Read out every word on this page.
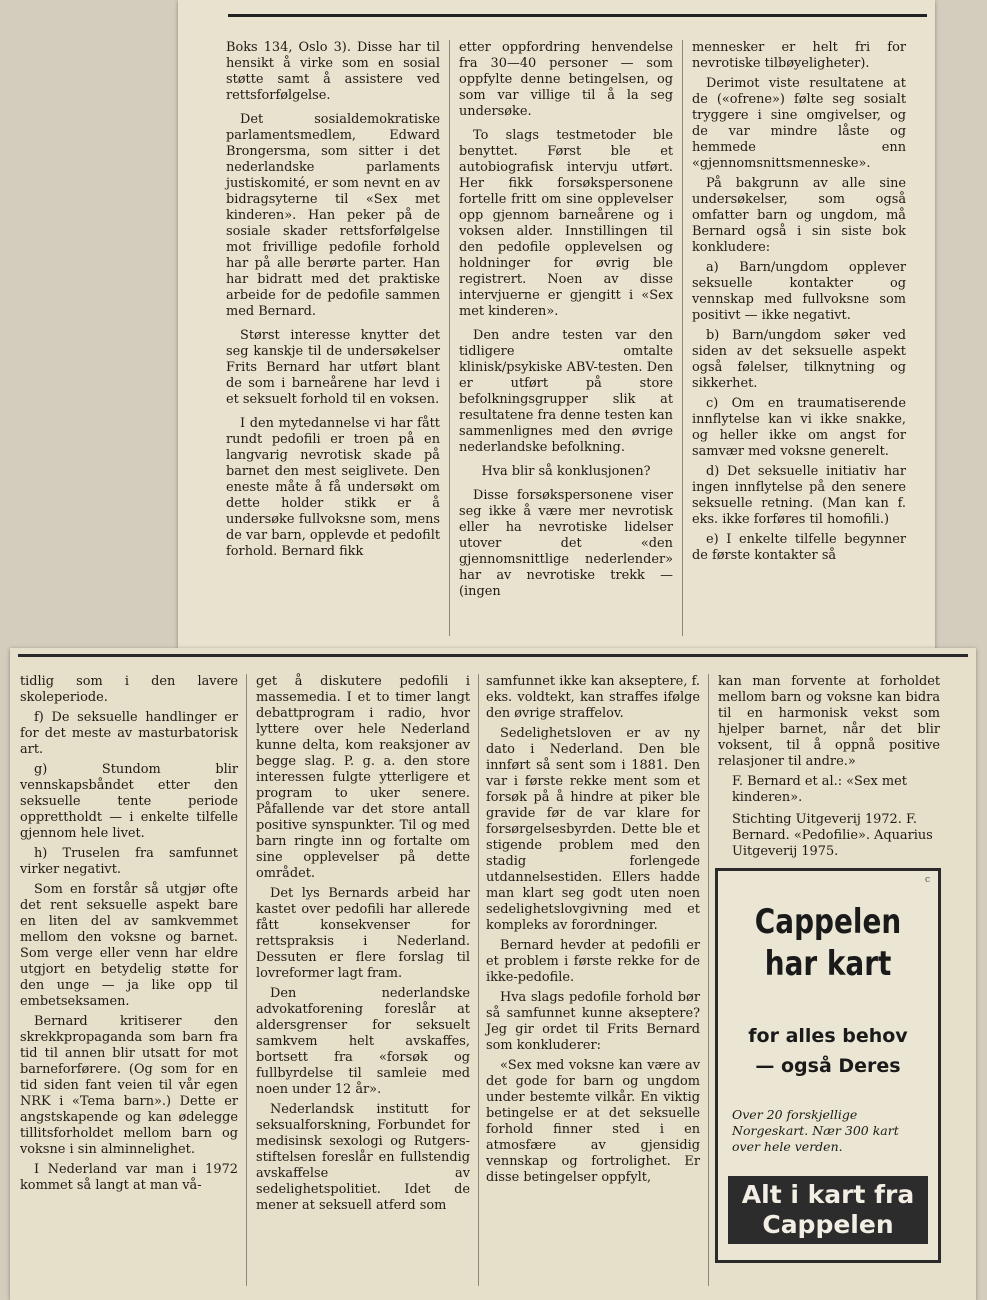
Boks 134, Oslo 3). Disse har til hensikt å virke som en sosial støtte samt å assistere ved rettsforfølgelse.

Det sosialdemokratiske parlamentsmedlem, Edward Brongersma, som sitter i det nederlandske parlaments justiskomité, er som nevnt en av bidragsyterne til «Sex met kinderen». Han peker på de sosiale skader rettsforfølgelse mot frivillige pedofile forhold har på alle berørte parter. Han har bidratt med det praktiske arbeide for de pedofile sammen med Bernard.

Størst interesse knytter det seg kanskje til de undersøkelser Frits Bernard har utført blant de som i barneårene har levd i et seksuelt forhold til en voksen.

I den mytedannelse vi har fått rundt pedofili er troen på en langvarig nevrotisk skade på barnet den mest seiglivete. Den eneste måte å få undersøkt om dette holder stikk er å undersøke fullvoksne som, mens de var barn, opplevde et pedofilt forhold. Bernard fikk

etter oppfordring henvendelse fra 30—40 personer — som oppfylte denne betingelsen, og som var villige til å la seg undersøke.

To slags testmetoder ble benyttet. Først ble et autobiografisk intervju utført. Her fikk forsøkspersonene fortelle fritt om sine opplevelser opp gjennom barneårene og i voksen alder. Innstillingen til den pedofile opplevelsen og holdninger for øvrig ble registrert. Noen av disse intervjuerne er gjengitt i «Sex met kinderen».

Den andre testen var den tidligere omtalte klinisk/psykiske ABV-testen. Den er utført på store befolkningsgrupper slik at resultatene fra denne testen kan sammenlignes med den øvrige nederlandske befolkning.

Hva blir så konklusjonen?

Disse forsøkspersonene viser seg ikke å være mer nevrotisk eller ha nevrotiske lidelser utover det «den gjennomsnittlige nederlender» har av nevrotiske trekk — (ingen

mennesker er helt fri for nevrotiske tilbøyeligheter).

Derimot viste resultatene at de («ofrene») følte seg sosialt tryggere i sine omgivelser, og de var mindre låste og hemmede enn «gjennomsnittsmenneske».

På bakgrunn av alle sine undersøkelser, som også omfatter barn og ungdom, må Bernard også i sin siste bok konkludere:

a) Barn/ungdom opplever seksuelle kontakter og vennskap med fullvoksne som positivt — ikke negativt.

b) Barn/ungdom søker ved siden av det seksuelle aspekt også følelser, tilknytning og sikkerhet.

c) Om en traumatiserende innflytelse kan vi ikke snakke, og heller ikke om angst for samvær med voksne generelt.

d) Det seksuelle initiativ har ingen innflytelse på den senere seksuelle retning. (Man kan f. eks. ikke forføres til homofili.)

e) I enkelte tilfelle begynner de første kontakter så

tidlig som i den lavere skoleperiode.

f) De seksuelle handlinger er for det meste av masturbatorisk art.

g) Stundom blir vennskapsbåndet etter den seksuelle tente periode opprettholdt — i enkelte tilfelle gjennom hele livet.

h) Truselen fra samfunnet virker negativt.

Som en forstår så utgjør ofte det rent seksuelle aspekt bare en liten del av samkvemmet mellom den voksne og barnet. Som verge eller venn har eldre utgjort en betydelig støtte for den unge — ja like opp til embetseksamen.

Bernard kritiserer den skrekkpropaganda som barn fra tid til annen blir utsatt for mot barneforførere. (Og som for en tid siden fant veien til vår egen NRK i «Tema barn».) Dette er angstskapende og kan ødelegge tillitsforholdet mellom barn og voksne i sin alminnelighet.

I Nederland var man i 1972 kommet så langt at man vå-

get å diskutere pedofili i massemedia. I et to timer langt debattprogram i radio, hvor lyttere over hele Nederland kunne delta, kom reaksjoner av begge slag. P. g. a. den store interessen fulgte ytterligere et program to uker senere. Påfallende var det store antall positive synspunkter. Til og med barn ringte inn og fortalte om sine opplevelser på dette området.

Det lys Bernards arbeid har kastet over pedofili har allerede fått konsekvenser for rettspraksis i Nederland. Dessuten er flere forslag til lovreformer lagt fram.

Den nederlandske advokatforening foreslår at aldersgrenser for seksuelt samkvem helt avskaffes, bortsett fra «forsøk og fullbyrdelse til samleie med noen under 12 år».

Nederlandsk institutt for seksualforskning, Forbundet for medisinsk sexologi og Rutgers-stiftelsen foreslår en fullstendig avskaffelse av sedelighetspolitiet. Idet de mener at seksuell atferd som

samfunnet ikke kan akseptere, f. eks. voldtekt, kan straffes ifølge den øvrige straffelov.

Sedelighetsloven er av ny dato i Nederland. Den ble innført så sent som i 1881. Den var i første rekke ment som et forsøk på å hindre at piker ble gravide før de var klare for forsørgelsesbyrden. Dette ble et stigende problem med den stadig forlengede utdannelsestiden. Ellers hadde man klart seg godt uten noen sedelighetslovgivning med et kompleks av forordninger.

Bernard hevder at pedofili er et problem i første rekke for de ikke-pedofile.

Hva slags pedofile forhold bør så samfunnet kunne akseptere? Jeg gir ordet til Frits Bernard som konkluderer:

«Sex med voksne kan være av det gode for barn og ungdom under bestemte vilkår. En viktig betingelse er at det seksuelle forhold finner sted i en atmosfære av gjensidig vennskap og fortrolighet. Er disse betingelser oppfylt,

kan man forvente at forholdet mellom barn og voksne kan bidra til en harmonisk vekst som hjelper barnet, når det blir voksent, til å oppnå positive relasjoner til andre.»

F. Bernard et al.: «Sex met kinderen».

Stichting Uitgeverij 1972. F. Bernard. «Pedofilie». Aquarius Uitgeverij 1975.

c
Cappelen
har kart
for alles behov
— også Deres
Over 20 forskjellige Norgeskart. Nær 300 kart over hele verden.
Alt i kart fra
Cappelen
